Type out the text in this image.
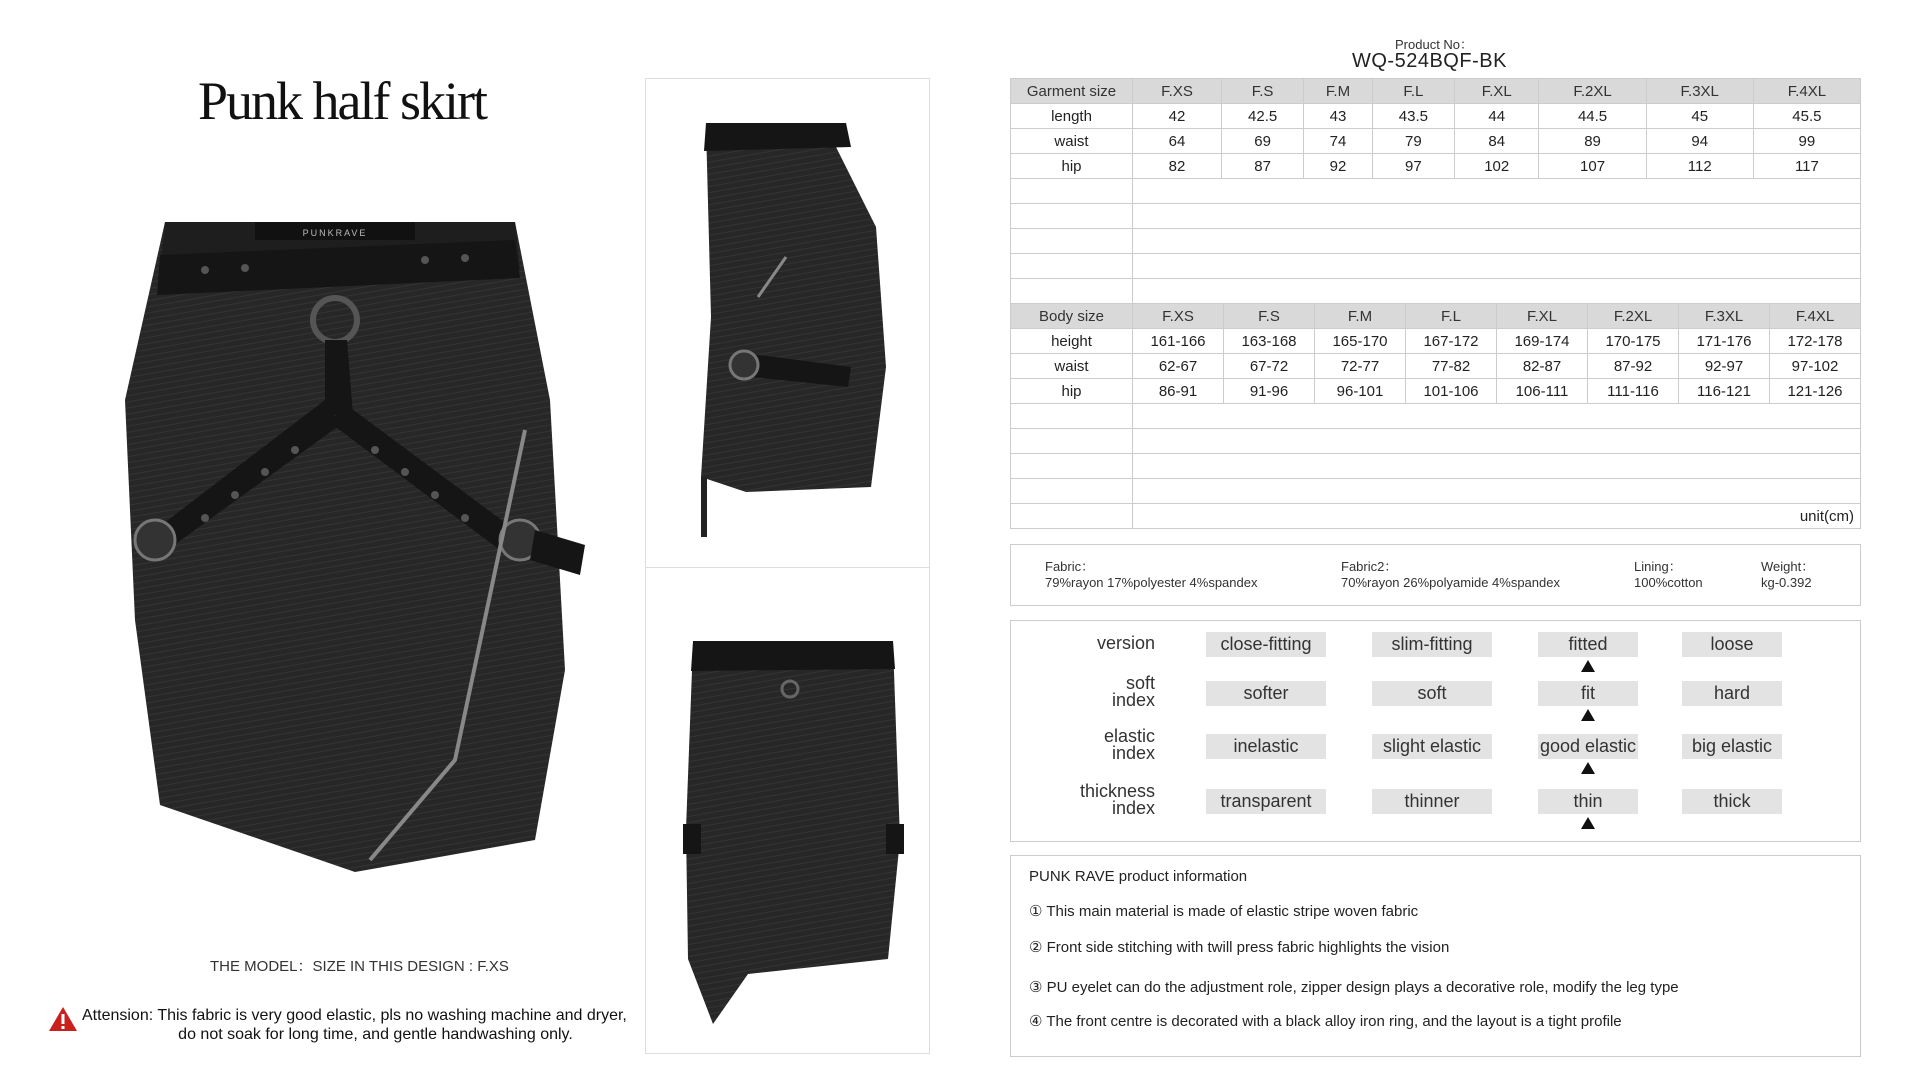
Punk half skirt
PUNKRAVE
THE MODEL：SIZE IN THIS DESIGN : F.XS
Attension: This fabric is very good elastic, pls no washing machine and dryer,
do not soak for long time, and gentle handwashing only.
Product No：
WQ-524BQF-BK
Garment size	F.XS	F.S	F.M	F.L	F.XL	F.2XL	F.3XL	F.4XL
length	42	42.5	43	43.5	44	44.5	45	45.5
waist	64	69	74	79	84	89	94	99
hip	82	87	92	97	102	107	112	117

Body size	F.XS	F.S	F.M	F.L	F.XL	F.2XL	F.3XL	F.4XL
height	161-166	163-168	165-170	167-172	169-174	170-175	171-176	172-178
waist	62-67	67-72	72-77	77-82	82-87	87-92	92-97	97-102
hip	86-91	91-96	96-101	101-106	106-111	111-116	116-121	121-126

	unit(cm)							
Fabric：
79%rayon 17%polyester 4%spandex
Fabric2：
70%rayon 26%polyamide 4%spandex
Lining：
100%cotton
Weight：
kg-0.392
version	close-fitting	slim-fitting	fitted	loose
soft
index	softer	soft	fit	hard
elastic
index	inelastic	slight elastic	good elastic	big elastic
thickness
index	transparent	thinner	thin	thick
PUNK RAVE product information
① This main material is made of elastic stripe woven fabric
② Front side stitching with twill press fabric highlights the vision
③ PU eyelet can do the adjustment role, zipper design plays a decorative role, modify the leg type
④ The front centre is decorated with a black alloy iron ring, and the layout is a tight profile
